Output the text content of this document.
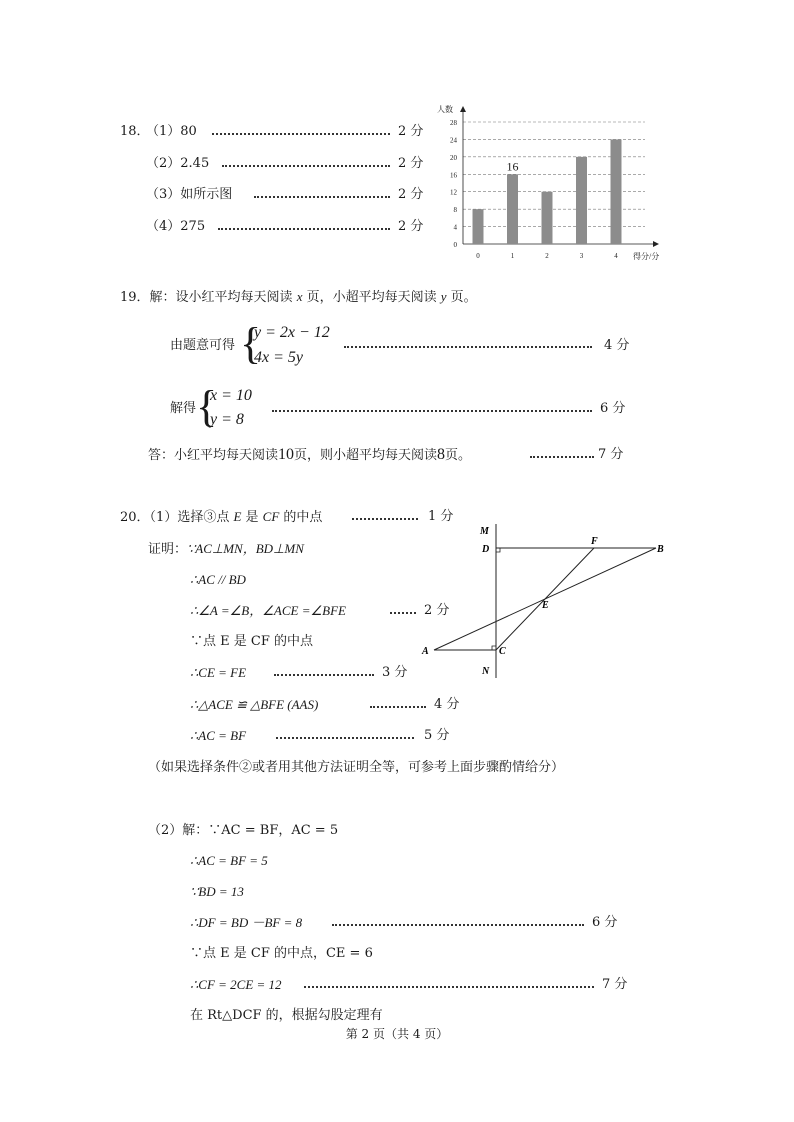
18．
（1）80	2 分
（2）2.45	2 分
（3）如所示图	2 分
（4）275	2 分
0
4
8
12
16
20
24
28
人数
得分/分
0	1	2	3	4
16
19．解：设小红平均每天阅读 x 页，小超平均每天阅读 y 页。
由题意可得 {
y = 2x − 12
4x = 5y
4 分
解得 {
x = 10
y = 8
6 分
答：小红平均每天阅读10页，则小超平均每天阅读8页。	7 分
20．（1）选择③点 E 是 CF 的中点	1 分
证明：∵AC⊥MN，BD⊥MN
∴AC // BD
∴∠A =∠B，∠ACE =∠BFE	2 分
∵点 E 是 CF 的中点
∴CE = FE	3 分
∴△ACE ≌ △BFE (AAS)	4 分
∴AC = BF	5 分
（如果选择条件②或者用其他方法证明全等，可参考上面步骤酌情给分）
（2）解：∵AC = BF，AC = 5
∴AC = BF = 5
∵BD = 13
∴DF = BD －BF = 8	6 分
∵点 E 是 CF 的中点，CE = 6
∴CF = 2CE = 12	7 分
在 Rt△DCF 的，根据勾股定理有
M
D
F
B
E
A	C
N
第 2 页（共 4 页）
